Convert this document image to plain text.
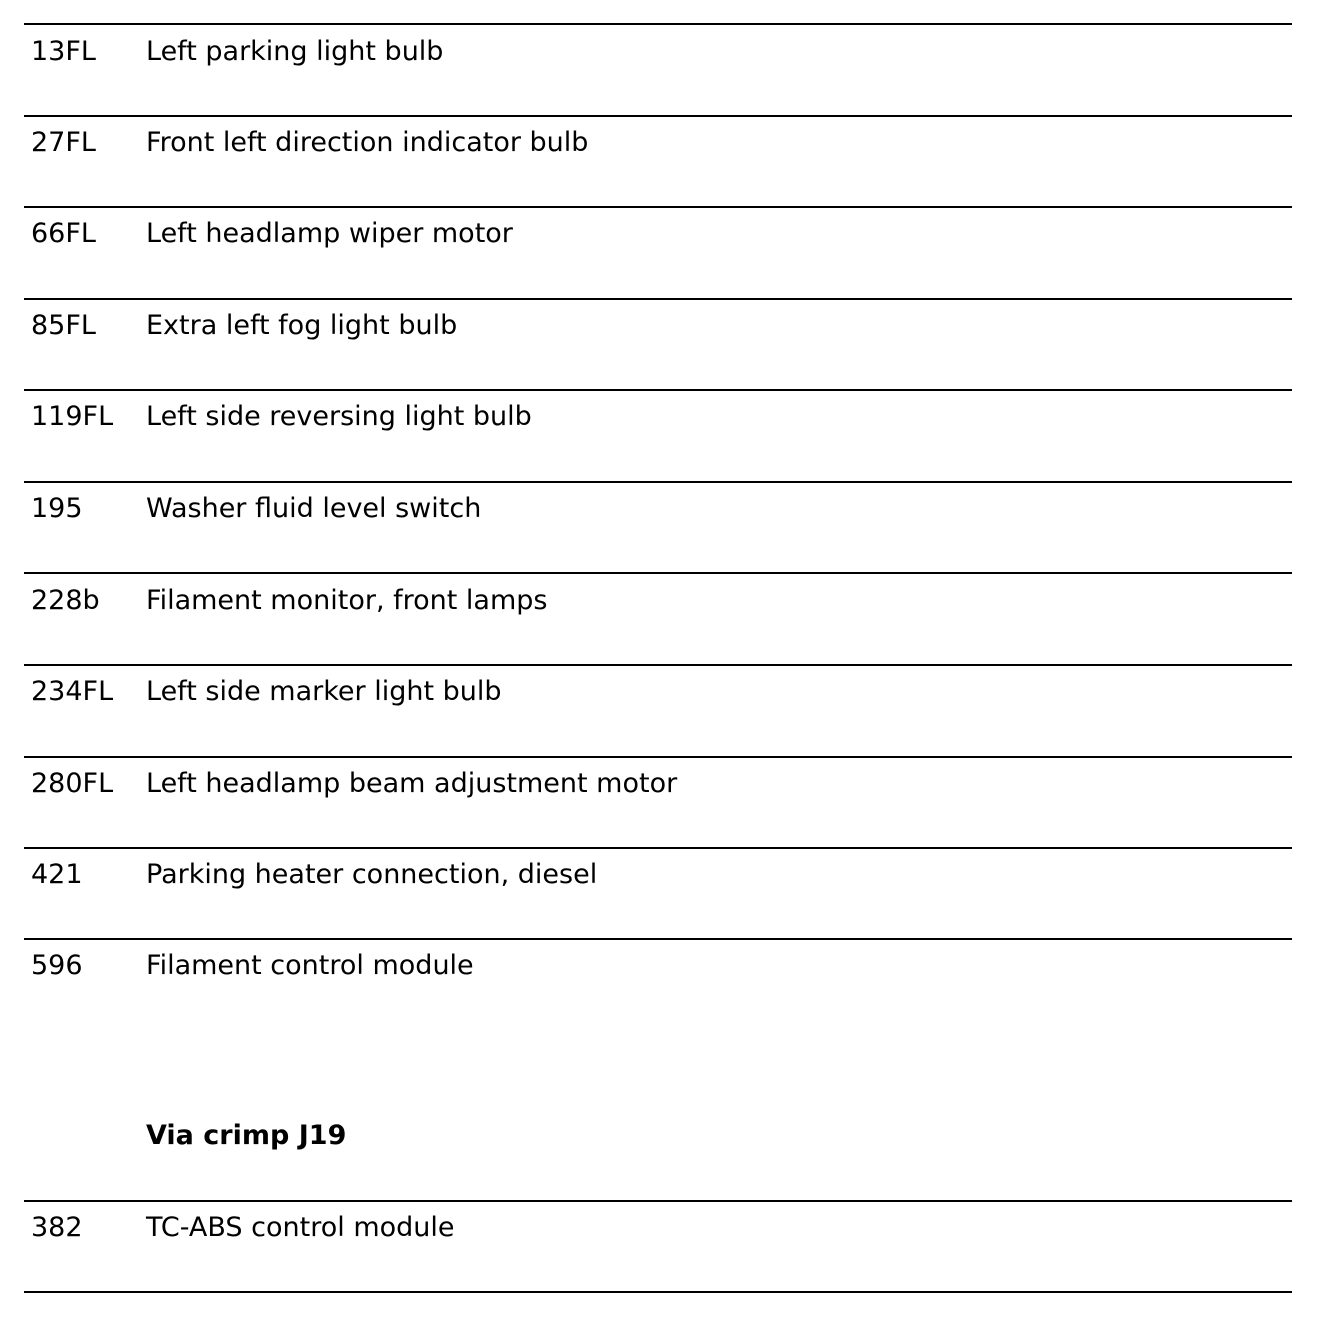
13FL Left parking light bulb
27FL Front left direction indicator bulb
66FL Left headlamp wiper motor
85FL Extra left fog light bulb
119FL Left side reversing light bulb
195 Washer fluid level switch
228b Filament monitor, front lamps
234FL Left side marker light bulb
280FL Left headlamp beam adjustment motor
421 Parking heater connection, diesel
596 Filament control module
Via crimp J19
382 TC-ABS control module
